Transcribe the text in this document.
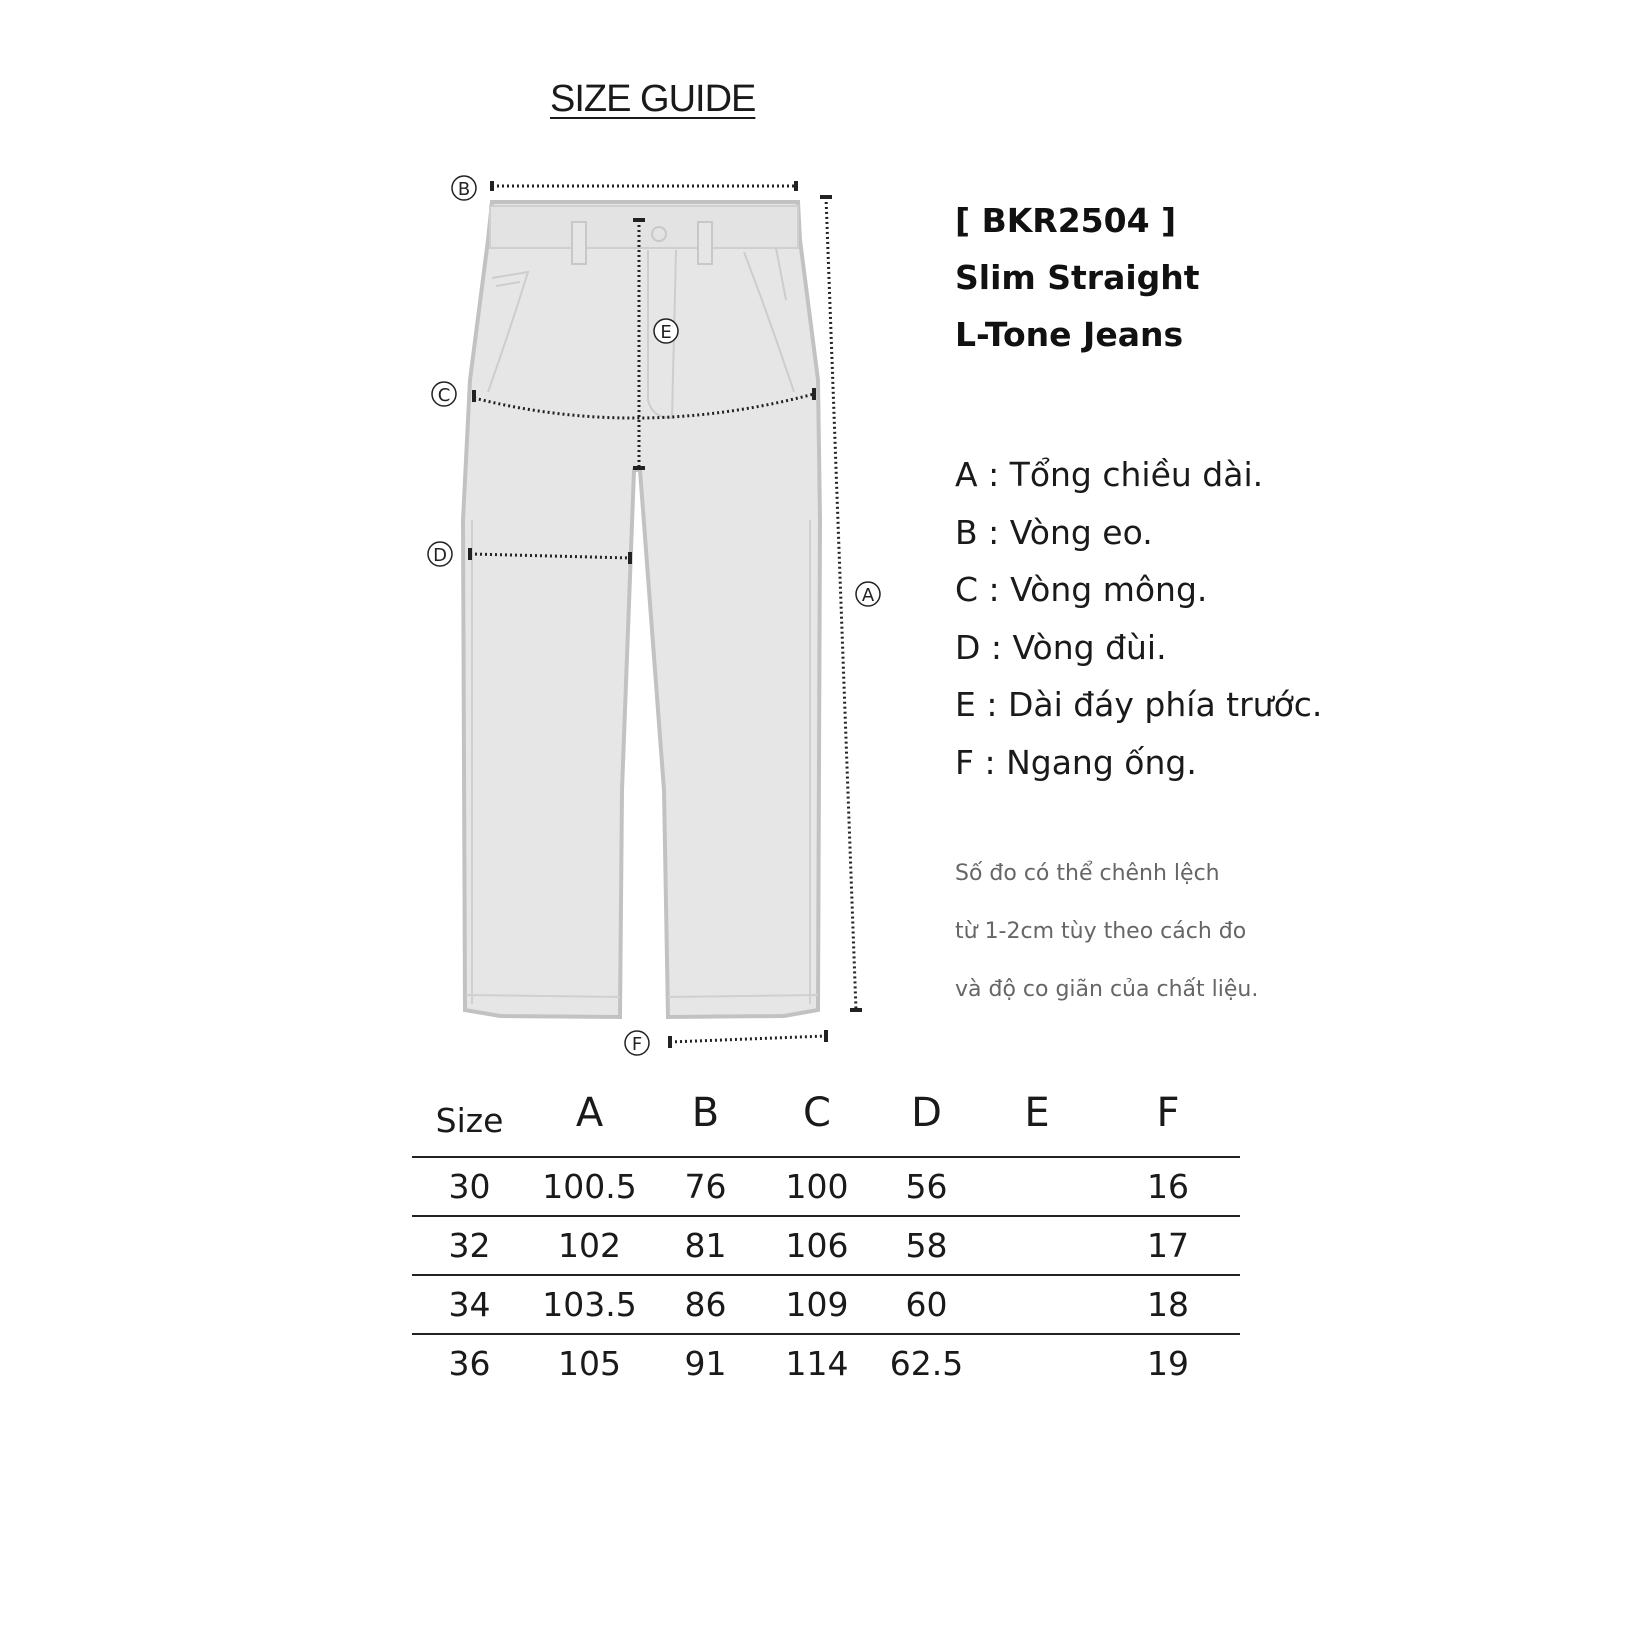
SIZE GUIDE
B
A
E
C
D
F
[ BKR2504 ]
Slim Straight
L-Tone Jeans
A : Tổng chiều dài.
B : Vòng eo.
C : Vòng mông.
D : Vòng đùi.
E : Dài đáy phía trước.
F : Ngang ống.
Số đo có thể chênh lệch
từ 1-2cm tùy theo cách đo
và độ co giãn của chất liệu.
Size	A	B	C	D	E	F
30	100.5	76	100	56		16
32	102	81	106	58		17
34	103.5	86	109	60		18
36	105	91	114	62.5		19
